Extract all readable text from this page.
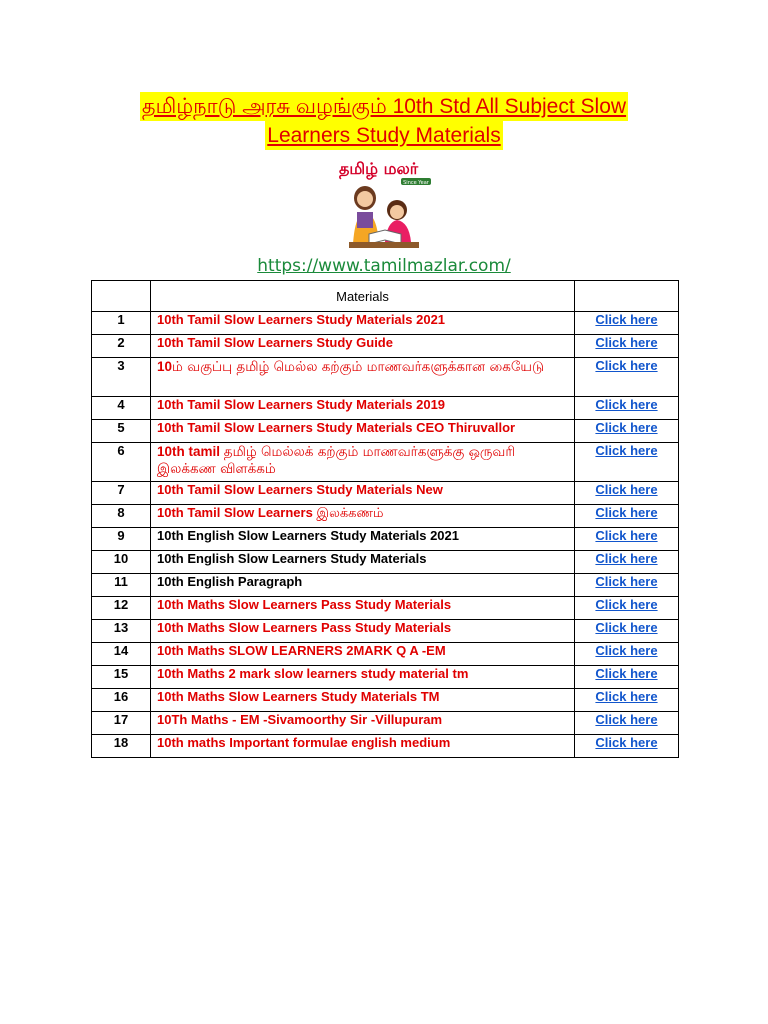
தமிழ்நாடு அரசு வழங்கும் 10th Std All Subject Slow
Learners Study Materials
தமிழ் மலர்
Since Year
https://www.tamilmazlar.com/
	Materials	
1	10th Tamil Slow Learners Study Materials 2021	Click here
2	10th Tamil Slow Learners Study Guide	Click here
3	10ம் வகுப்பு தமிழ் மெல்ல கற்கும் மாணவர்களுக்கான கையேடு	Click here
4	10th Tamil Slow Learners Study Materials 2019	Click here
5	10th Tamil Slow Learners Study Materials CEO Thiruvallor	Click here
6	10th tamil தமிழ் மெல்லக் கற்கும் மாணவர்களுக்கு ஒருவரி இலக்கண விளக்கம்	Click here
7	10th Tamil Slow Learners Study Materials New	Click here
8	10th Tamil Slow Learners இலக்கணம்	Click here
9	10th English Slow Learners Study Materials 2021	Click here
10	10th English Slow Learners Study Materials	Click here
11	10th English Paragraph	Click here
12	10th Maths Slow Learners Pass Study Materials	Click here
13	10th Maths Slow Learners Pass Study Materials	Click here
14	10th Maths SLOW LEARNERS 2MARK Q A -EM	Click here
15	10th Maths 2 mark slow learners study material tm	Click here
16	10th Maths Slow Learners Study Materials TM	Click here
17	10Th Maths - EM -Sivamoorthy Sir -Villupuram	Click here
18	10th maths Important formulae english medium	Click here
